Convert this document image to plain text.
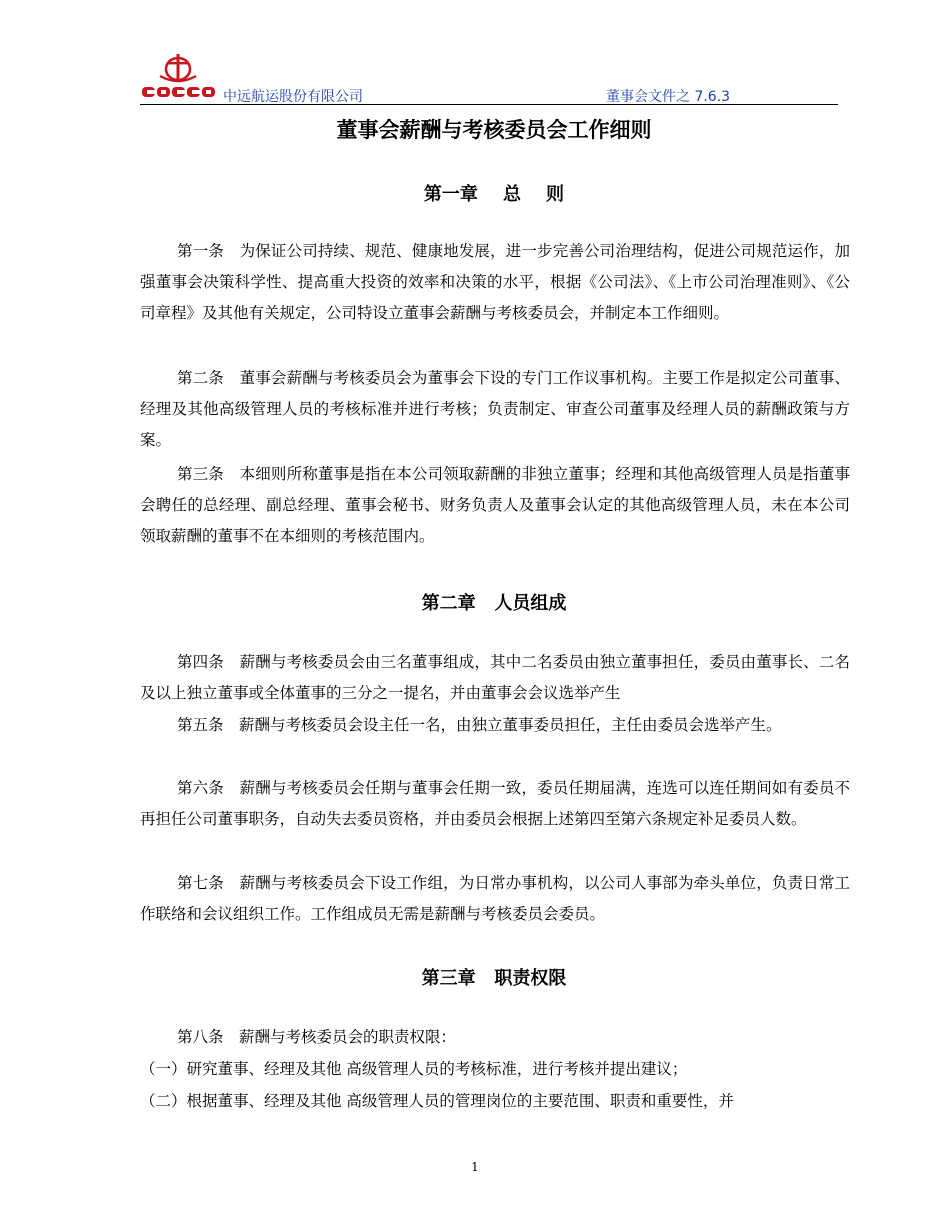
中远航运股份有限公司	董事会文件之 7.6.3
董事会薪酬与考核委员会工作细则
第一章    总    则

第一条　为保证公司持续、规范、健康地发展，进一步完善公司治理结构，促进公司规范运作，加强董事会决策科学性、提高重大投资的效率和决策的水平，根据《公司法》、《上市公司治理准则》、《公司章程》及其他有关规定，公司特设立董事会薪酬与考核委员会，并制定本工作细则。

第二条　董事会薪酬与考核委员会为董事会下设的专门工作议事机构。主要工作是拟定公司董事、经理及其他高级管理人员的考核标准并进行考核；负责制定、审查公司董事及经理人员的薪酬政策与方案。

第三条　本细则所称董事是指在本公司领取薪酬的非独立董事；经理和其他高级管理人员是指董事会聘任的总经理、副总经理、董事会秘书、财务负责人及董事会认定的其他高级管理人员，未在本公司领取薪酬的董事不在本细则的考核范围内。

第二章   人员组成

第四条　薪酬与考核委员会由三名董事组成，其中二名委员由独立董事担任，委员由董事长、二名及以上独立董事或全体董事的三分之一提名，并由董事会会议选举产生

第五条　薪酬与考核委员会设主任一名，由独立董事委员担任，主任由委员会选举产生。

第六条　薪酬与考核委员会任期与董事会任期一致，委员任期届满，连选可以连任期间如有委员不再担任公司董事职务，自动失去委员资格，并由委员会根据上述第四至第六条规定补足委员人数。

第七条　薪酬与考核委员会下设工作组，为日常办事机构，以公司人事部为牵头单位，负责日常工作联络和会议组织工作。工作组成员无需是薪酬与考核委员会委员。

第三章   职责权限

第八条　薪酬与考核委员会的职责权限：

（一）研究董事、经理及其他 高级管理人员的考核标准，进行考核并提出建议；

（二）根据董事、经理及其他 高级管理人员的管理岗位的主要范围、职责和重要性，并

1
